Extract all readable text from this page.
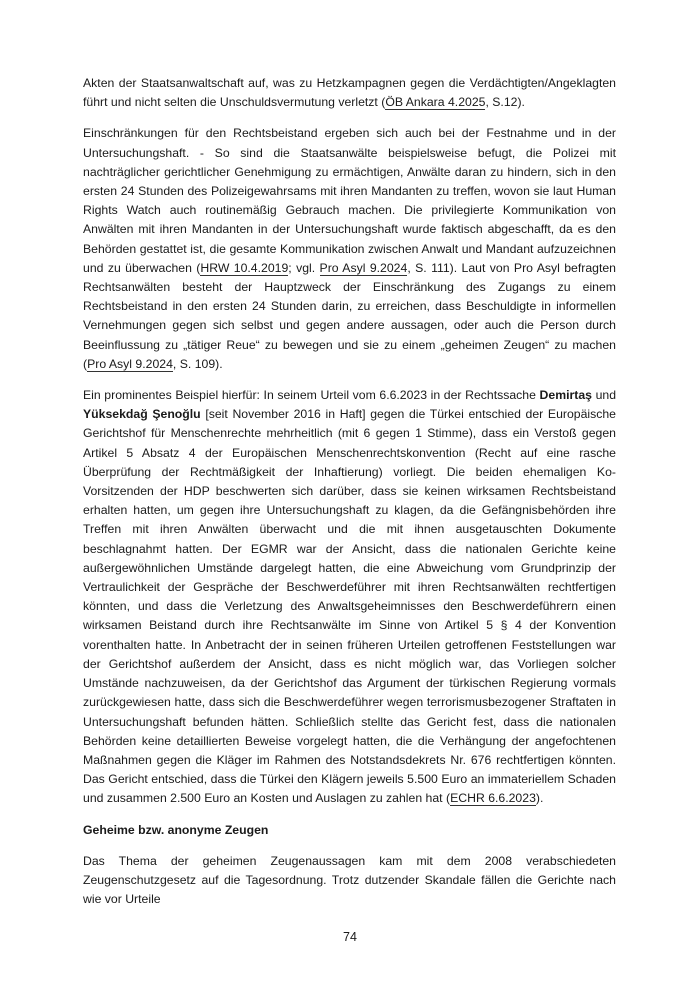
Akten der Staatsanwaltschaft auf, was zu Hetzkampagnen gegen die Verdächtigten/Angeklagten führt und nicht selten die Unschuldsvermutung verletzt (ÖB Ankara 4.2025, S.12).

Einschränkungen für den Rechtsbeistand ergeben sich auch bei der Festnahme und in der Untersuchungshaft. - So sind die Staatsanwälte beispielsweise befugt, die Polizei mit nachträglicher gerichtlicher Genehmigung zu ermächtigen, Anwälte daran zu hindern, sich in den ersten 24 Stunden des Polizeigewahrsams mit ihren Mandanten zu treffen, wovon sie laut Human Rights Watch auch routinemäßig Gebrauch machen. Die privilegierte Kommunikation von Anwälten mit ihren Mandanten in der Untersuchungshaft wurde faktisch abgeschafft, da es den Behörden gestattet ist, die gesamte Kommunikation zwischen Anwalt und Mandant aufzuzeichnen und zu überwachen (HRW 10.4.2019; vgl. Pro Asyl 9.2024, S. 111). Laut von Pro Asyl befragten Rechtsanwälten besteht der Hauptzweck der Einschränkung des Zugangs zu einem Rechtsbeistand in den ersten 24 Stunden darin, zu erreichen, dass Beschuldigte in informellen Vernehmungen gegen sich selbst und gegen andere aussagen, oder auch die Person durch Beeinflussung zu „tätiger Reue“ zu bewegen und sie zu einem „geheimen Zeugen“ zu machen (Pro Asyl 9.2024, S. 109).

Ein prominentes Beispiel hierfür: In seinem Urteil vom 6.6.2023 in der Rechtssache Demirtaş und Yüksekdağ Şenoğlu [seit November 2016 in Haft] gegen die Türkei entschied der Europäische Gerichtshof für Menschenrechte mehrheitlich (mit 6 gegen 1 Stimme), dass ein Verstoß gegen Artikel 5 Absatz 4 der Europäischen Menschenrechtskonvention (Recht auf eine rasche Überprüfung der Rechtmäßigkeit der Inhaftierung) vorliegt. Die beiden ehemaligen Ko-Vorsitzenden der HDP beschwerten sich darüber, dass sie keinen wirksamen Rechtsbeistand erhalten hatten, um gegen ihre Untersuchungshaft zu klagen, da die Gefängnisbehörden ihre Treffen mit ihren Anwälten überwacht und die mit ihnen ausgetauschten Dokumente beschlagnahmt hatten. Der EGMR war der Ansicht, dass die nationalen Gerichte keine außergewöhnlichen Umstände dargelegt hatten, die eine Abweichung vom Grundprinzip der Vertraulichkeit der Gespräche der Beschwerdeführer mit ihren Rechtsanwälten rechtfertigen könnten, und dass die Verletzung des Anwaltsgeheimnisses den Beschwerdeführern einen wirksamen Beistand durch ihre Rechtsanwälte im Sinne von Artikel 5 § 4 der Konvention vorenthalten hatte. In Anbetracht der in seinen früheren Urteilen getroffenen Feststellungen war der Gerichtshof außerdem der Ansicht, dass es nicht möglich war, das Vorliegen solcher Umstände nachzuweisen, da der Gerichtshof das Argument der türkischen Regierung vormals zurückgewiesen hatte, dass sich die Beschwerdeführer wegen terrorismusbezogener Straftaten in Untersuchungshaft befunden hätten. Schließlich stellte das Gericht fest, dass die nationalen Behörden keine detaillierten Beweise vorgelegt hatten, die die Verhängung der angefochtenen Maßnahmen gegen die Kläger im Rahmen des Notstandsdekrets Nr. 676 rechtfertigen könnten. Das Gericht entschied, dass die Türkei den Klägern jeweils 5.500 Euro an immateriellem Schaden und zusammen 2.500 Euro an Kosten und Auslagen zu zahlen hat (ECHR 6.6.2023).

Geheime bzw. anonyme Zeugen

Das Thema der geheimen Zeugenaussagen kam mit dem 2008 verabschiedeten Zeugenschutzgesetz auf die Tagesordnung. Trotz dutzender Skandale fällen die Gerichte nach wie vor Urteile

74
